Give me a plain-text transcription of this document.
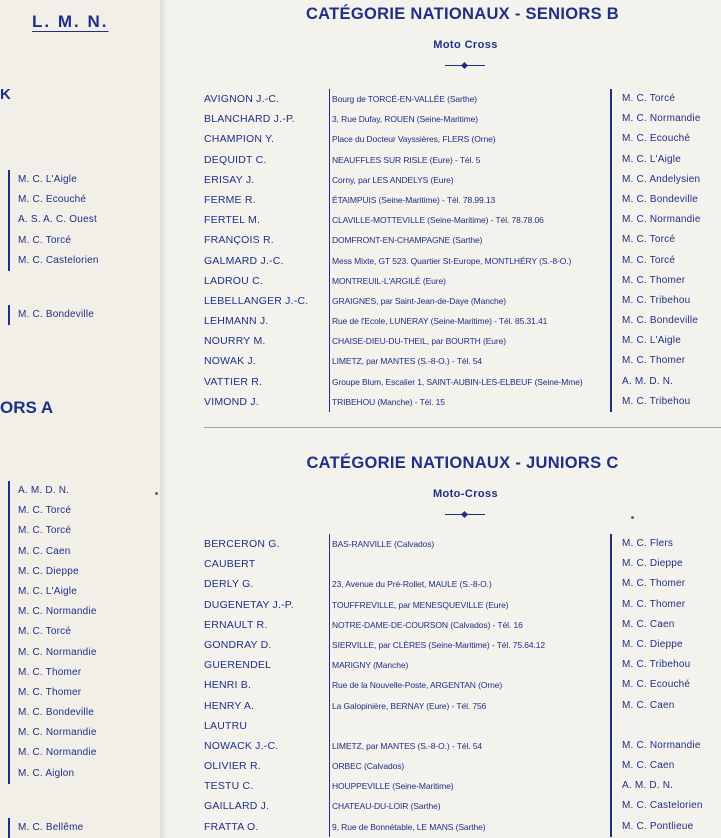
L. M. N.
K
M. C. L'Aigle
M. C. Ecouché
A. S. A. C. Ouest
M. C. Torcé
M. C. Castelorien
M. C. Bondeville
ORS A
A. M. D. N.
M. C. Torcé
M. C. Torcé
M. C. Caen
M. C. Dieppe
M. C. L'Aigle
M. C. Normandie
M. C. Torcé
M. C. Normandie
M. C. Thomer
M. C. Thomer
M. C. Bondeville
M. C. Normandie
M. C. Normandie
M. C. Aiglon
M. C. Bellême
CATÉGORIE NATIONAUX - SENIORS B
Moto Cross
AVIGNON J.-C.
BLANCHARD J.-P.
CHAMPION Y.
DEQUIDT C.
ERISAY J.
FERME R.
FERTEL M.
FRANÇOIS R.
GALMARD J.-C.
LADROU C.
LEBELLANGER J.-C.
LEHMANN J.
NOURRY M.
NOWAK J.
VATTIER R.
VIMOND J.
Bourg de TORCÉ-EN-VALLÉE (Sarthe)
3, Rue Dufay, ROUEN (Seine-Maritime)
Place du Docteur Vayssières, FLERS (Orne)
NEAUFFLES SUR RISLE (Eure) - Tél. 5
Corny, par LES ANDELYS (Eure)
ÉTAIMPUIS (Seine-Maritime) - Tél. 78.99.13
CLAVILLE-MOTTEVILLE (Seine-Maritime) - Tél. 78.78.06
DOMFRONT-EN-CHAMPAGNE (Sarthe)
Mess Mixte, GT 523. Quartier St-Europe, MONTLHÉRY (S.-8-O.)
MONTREUIL-L'ARGILÉ (Eure)
GRAIGNES, par Saint-Jean-de-Daye (Manche)
Rue de l'Ecole, LUNERAY (Seine-Maritime) - Tél. 85.31.41
CHAISE-DIEU-DU-THEIL, par BOURTH (Eure)
LIMETZ, par MANTES (S.-8-O.) - Tél. 54
Groupe Blum, Escalier 1, SAINT-AUBIN-LES-ELBEUF (Seine-Mme)
TRIBEHOU (Manche) - Tél. 15
M. C. Torcé
M. C. Normandie
M. C. Ecouché
M. C. L'Aigle
M. C. Andelysien
M. C. Bondeville
M. C. Normandie
M. C. Torcé
M. C. Torcé
M. C. Thomer
M. C. Tribehou
M. C. Bondeville
M. C. L'Aigle
M. C. Thomer
A. M. D. N.
M. C. Tribehou
CATÉGORIE NATIONAUX - JUNIORS C
Moto-Cross
BERCERON G.
CAUBERT
DERLY G.
DUGENETAY J.-P.
ERNAULT R.
GONDRAY D.
GUERENDEL
HENRI B.
HENRY A.
LAUTRU
NOWACK J.-C.
OLIVIER R.
TESTU C.
GAILLARD J.
FRATTA O.
BAS-RANVILLE (Calvados)
23, Avenue du Pré-Rollet, MAULE (S.-8-O.)
TOUFFREVILLE, par MENESQUEVILLE (Eure)
NOTRE-DAME-DE-COURSON (Calvados) - Tél. 16
SIERVILLE, par CLÈRES (Seine-Maritime) - Tél. 75.64.12
MARIGNY (Manche)
Rue de la Nouvelle-Poste, ARGENTAN (Orne)
La Galopinière, BERNAY (Eure) - Tél. 756
LIMETZ, par MANTES (S.-8-O.) - Tél. 54
ORBEC (Calvados)
HOUPPEVILLE (Seine-Maritime)
CHATEAU-DU-LOIR (Sarthe)
9, Rue de Bonnétable, LE MANS (Sarthe)
M. C. Flers
M. C. Dieppe
M. C. Thomer
M. C. Thomer
M. C. Caen
M. C. Dieppe
M. C. Tribehou
M. C. Ecouché
M. C. Caen
M. C. Normandie
M. C. Caen
A. M. D. N.
M. C. Castelorien
M. C. Pontlieue
